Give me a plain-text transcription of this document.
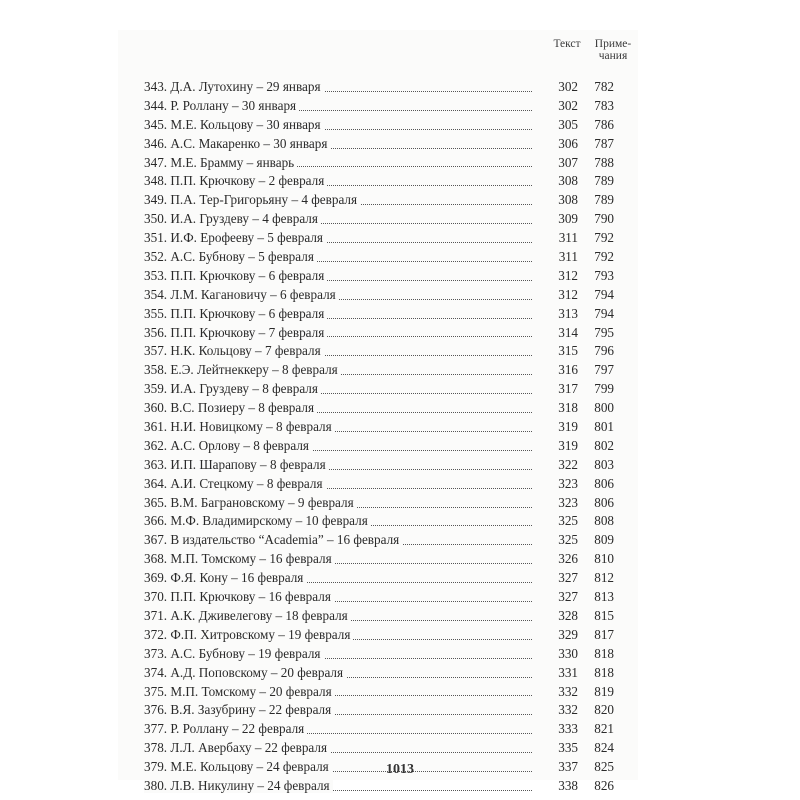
Текст	Приме-
чания
343. Д.А. Лутохину – 29 января	302	782
344. Р. Роллану – 30 января	302	783
345. М.Е. Кольцову – 30 января	305	786
346. А.С. Макаренко – 30 января	306	787
347. М.Е. Брамму – январь	307	788
348. П.П. Крючкову – 2 февраля	308	789
349. П.А. Тер-Григорьяну – 4 февраля	308	789
350. И.А. Груздеву – 4 февраля	309	790
351. И.Ф. Ерофееву – 5 февраля	311	792
352. А.С. Бубнову – 5 февраля	311	792
353. П.П. Крючкову – 6 февраля	312	793
354. Л.М. Кагановичу – 6 февраля	312	794
355. П.П. Крючкову – 6 февраля	313	794
356. П.П. Крючкову – 7 февраля	314	795
357. Н.К. Кольцову – 7 февраля	315	796
358. Е.Э. Лейтнеккеру – 8 февраля	316	797
359. И.А. Груздеву – 8 февраля	317	799
360. В.С. Позиеру – 8 февраля	318	800
361. Н.И. Новицкому – 8 февраля	319	801
362. А.С. Орлову – 8 февраля	319	802
363. И.П. Шарапову – 8 февраля	322	803
364. А.И. Стецкому – 8 февраля	323	806
365. В.М. Баграновскому – 9 февраля	323	806
366. М.Ф. Владимирскому – 10 февраля	325	808
367. В издательство “Academia” – 16 февраля	325	809
368. М.П. Томскому – 16 февраля	326	810
369. Ф.Я. Кону – 16 февраля	327	812
370. П.П. Крючкову – 16 февраля	327	813
371. А.К. Дживелегову – 18 февраля	328	815
372. Ф.П. Хитровскому – 19 февраля	329	817
373. А.С. Бубнову – 19 февраля	330	818
374. А.Д. Поповскому – 20 февраля	331	818
375. М.П. Томскому – 20 февраля	332	819
376. В.Я. Зазубрину – 22 февраля	332	820
377. Р. Роллану – 22 февраля	333	821
378. Л.Л. Авербаху – 22 февраля	335	824
379. М.Е. Кольцову – 24 февраля	337	825
380. Л.В. Никулину – 24 февраля	338	826
1013
